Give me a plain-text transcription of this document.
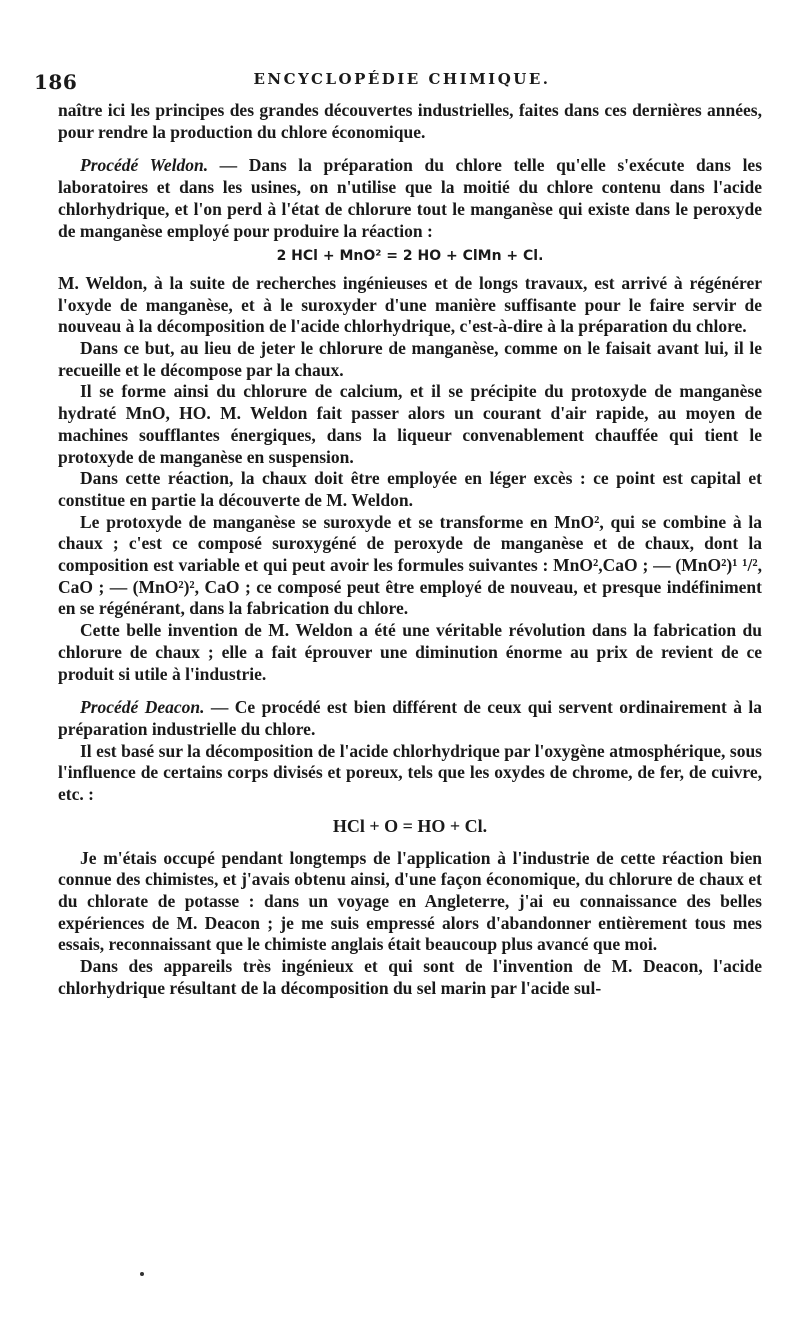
186	ENCYCLOPÉDIE CHIMIQUE.

naître ici les principes des grandes découvertes industrielles, faites dans ces dernières années, pour rendre la production du chlore économique.

Procédé Weldon. — Dans la préparation du chlore telle qu'elle s'exécute dans les laboratoires et dans les usines, on n'utilise que la moitié du chlore contenu dans l'acide chlorhydrique, et l'on perd à l'état de chlorure tout le manganèse qui existe dans le peroxyde de manganèse employé pour produire la réaction :

2 HCl + MnO² = 2 HO + ClMn + Cl.

M. Weldon, à la suite de recherches ingénieuses et de longs travaux, est arrivé à régénérer l'oxyde de manganèse, et à le suroxyder d'une manière suffisante pour le faire servir de nouveau à la décomposition de l'acide chlorhydrique, c'est-à-dire à la préparation du chlore.

Dans ce but, au lieu de jeter le chlorure de manganèse, comme on le faisait avant lui, il le recueille et le décompose par la chaux.

Il se forme ainsi du chlorure de calcium, et il se précipite du protoxyde de manganèse hydraté MnO, HO. M. Weldon fait passer alors un courant d'air rapide, au moyen de machines soufflantes énergiques, dans la liqueur convenablement chauffée qui tient le protoxyde de manganèse en suspension.

Dans cette réaction, la chaux doit être employée en léger excès : ce point est capital et constitue en partie la découverte de M. Weldon.

Le protoxyde de manganèse se suroxyde et se transforme en MnO², qui se combine à la chaux ; c'est ce composé suroxygéné de peroxyde de manganèse et de chaux, dont la composition est variable et qui peut avoir les formules suivantes : MnO²,CaO ; — (MnO²)¹ ¹/², CaO ; — (MnO²)², CaO ; ce composé peut être employé de nouveau, et presque indéfiniment en se régénérant, dans la fabrication du chlore.

Cette belle invention de M. Weldon a été une véritable révolution dans la fabrication du chlorure de chaux ; elle a fait éprouver une diminution énorme au prix de revient de ce produit si utile à l'industrie.

Procédé Deacon. — Ce procédé est bien différent de ceux qui servent ordinairement à la préparation industrielle du chlore.

Il est basé sur la décomposition de l'acide chlorhydrique par l'oxygène atmosphérique, sous l'influence de certains corps divisés et poreux, tels que les oxydes de chrome, de fer, de cuivre, etc. :

HCl + O = HO + Cl.

Je m'étais occupé pendant longtemps de l'application à l'industrie de cette réaction bien connue des chimistes, et j'avais obtenu ainsi, d'une façon économique, du chlorure de chaux et du chlorate de potasse : dans un voyage en Angleterre, j'ai eu connaissance des belles expériences de M. Deacon ; je me suis empressé alors d'abandonner entièrement tous mes essais, reconnaissant que le chimiste anglais était beaucoup plus avancé que moi.

Dans des appareils très ingénieux et qui sont de l'invention de M. Deacon, l'acide chlorhydrique résultant de la décomposition du sel marin par l'acide sul-
